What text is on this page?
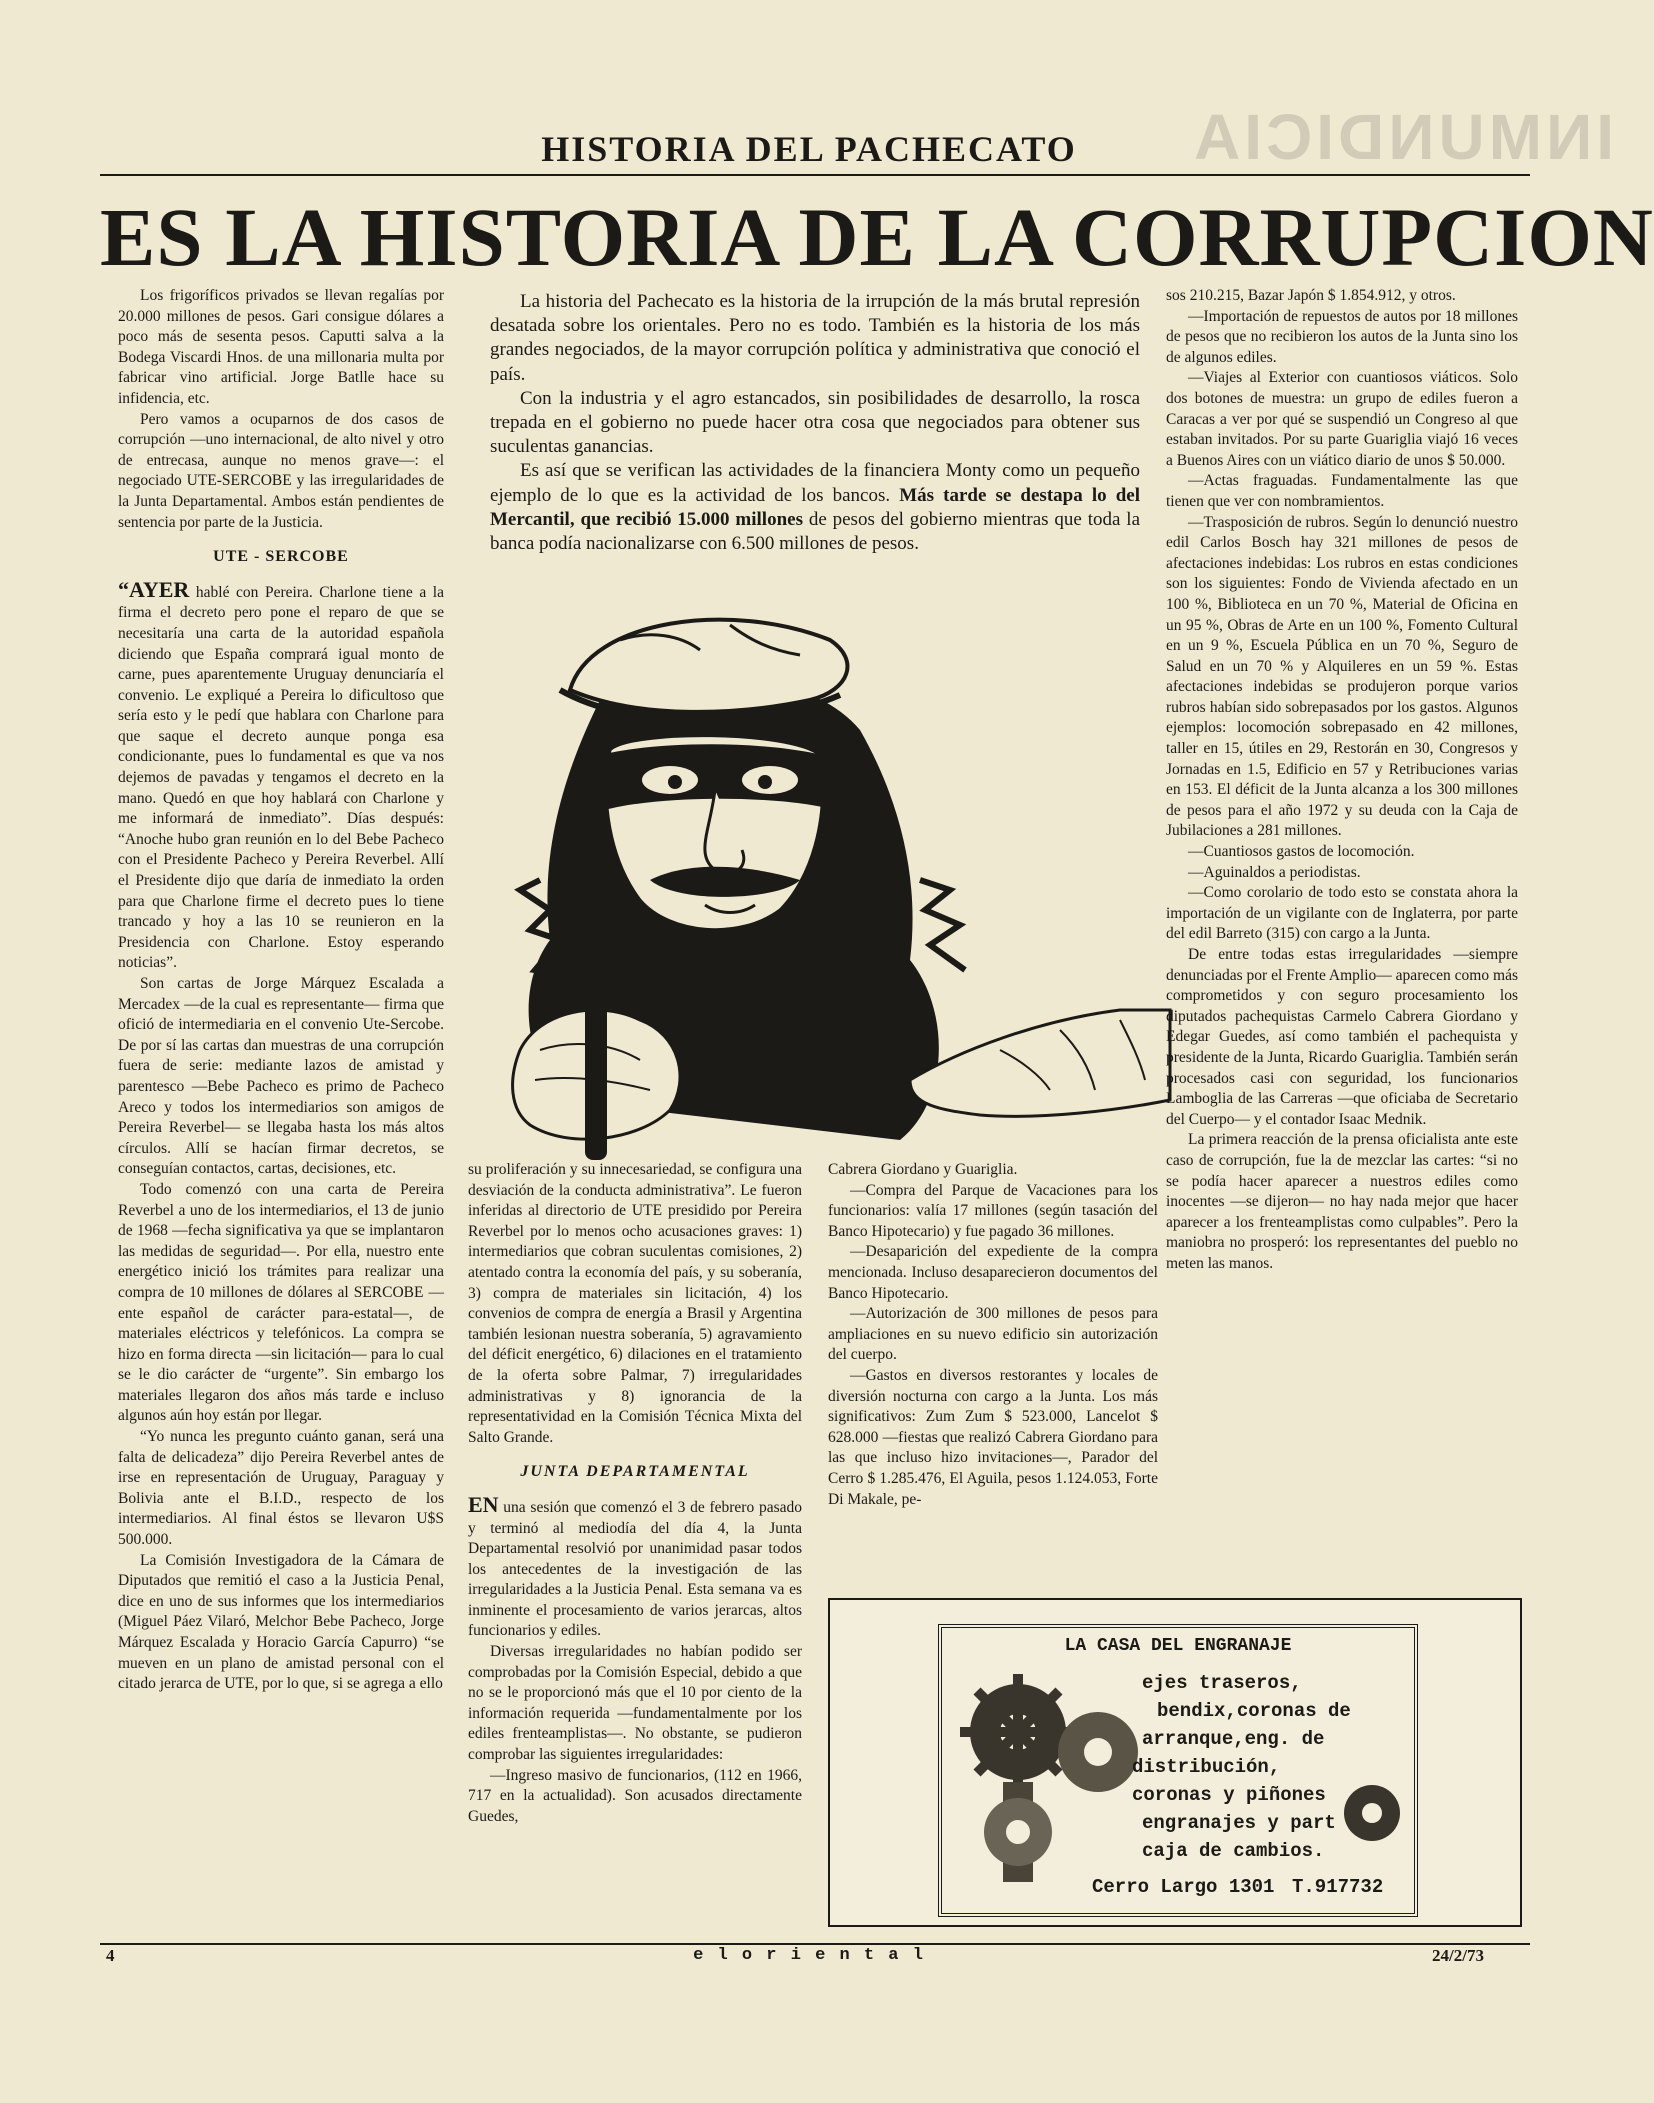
INMUNDICIA
HISTORIA DEL PACHECATO
ES LA HISTORIA DE LA CORRUPCION

La historia del Pachecato es la historia de la irrupción de la más brutal represión desatada sobre los orientales. Pero no es todo. También es la historia de los más grandes negociados, de la mayor corrupción política y administrativa que conoció el país.

Con la industria y el agro estancados, sin posibilidades de desarrollo, la rosca trepada en el gobierno no puede hacer otra cosa que negociados para obtener sus suculentas ganancias.

Es así que se verifican las actividades de la financiera Monty como un pequeño ejemplo de lo que es la actividad de los bancos. Más tarde se destapa lo del Mercantil, que recibió 15.000 millones de pesos del gobierno mientras que toda la banca podía nacionalizarse con 6.500 millones de pesos.

Los frigoríficos privados se llevan regalías por 20.000 millones de pesos. Gari consigue dólares a poco más de sesenta pesos. Caputti salva a la Bodega Viscardi Hnos. de una millonaria multa por fabricar vino artificial. Jorge Batlle hace su infidencia, etc.

Pero vamos a ocuparnos de dos casos de corrupción —uno internacional, de alto nivel y otro de entrecasa, aunque no menos grave—: el negociado UTE-SERCOBE y las irregularidades de la Junta Departamental. Ambos están pendientes de sentencia por parte de la Justicia.

UTE - SERCOBE

“AYER hablé con Pereira. Charlone tiene a la firma el decreto pero pone el reparo de que se necesitaría una carta de la autoridad española diciendo que España comprará igual monto de carne, pues aparentemente Uruguay denunciaría el convenio. Le expliqué a Pereira lo dificultoso que sería esto y le pedí que hablara con Charlone para que saque el decreto aunque ponga esa condicionante, pues lo fundamental es que va nos dejemos de pavadas y tengamos el decreto en la mano. Quedó en que hoy hablará con Charlone y me informará de inmediato”. Días después: “Anoche hubo gran reunión en lo del Bebe Pacheco con el Presidente Pacheco y Pereira Reverbel. Allí el Presidente dijo que daría de inmediato la orden para que Charlone firme el decreto pues lo tiene trancado y hoy a las 10 se reunieron en la Presidencia con Charlone. Estoy esperando noticias”.

Son cartas de Jorge Márquez Escalada a Mercadex —de la cual es representante— firma que ofició de intermediaria en el convenio Ute-Sercobe. De por sí las cartas dan muestras de una corrupción fuera de serie: mediante lazos de amistad y parentesco —Bebe Pacheco es primo de Pacheco Areco y todos los intermediarios son amigos de Pereira Reverbel— se llegaba hasta los más altos círculos. Allí se hacían firmar decretos, se conseguían contactos, cartas, decisiones, etc.

Todo comenzó con una carta de Pereira Reverbel a uno de los intermediarios, el 13 de junio de 1968 —fecha significativa ya que se implantaron las medidas de seguridad—. Por ella, nuestro ente energético inició los trámites para realizar una compra de 10 millones de dólares al SERCOBE —ente español de carácter para-estatal—, de materiales eléctricos y telefónicos. La compra se hizo en forma directa —sin licitación— para lo cual se le dio carácter de “urgente”. Sin embargo los materiales llegaron dos años más tarde e incluso algunos aún hoy están por llegar.

“Yo nunca les pregunto cuánto ganan, será una falta de delicadeza” dijo Pereira Reverbel antes de irse en representación de Uruguay, Paraguay y Bolivia ante el B.I.D., respecto de los intermediarios. Al final éstos se llevaron U$S 500.000.

La Comisión Investigadora de la Cámara de Diputados que remitió el caso a la Justicia Penal, dice en uno de sus informes que los intermediarios (Miguel Páez Vilaró, Melchor Bebe Pacheco, Jorge Márquez Escalada y Horacio García Capurro) “se mueven en un plano de amistad personal con el citado jerarca de UTE, por lo que, si se agrega a ello

su proliferación y su innecesariedad, se configura una desviación de la conducta administrativa”. Le fueron inferidas al directorio de UTE presidido por Pereira Reverbel por lo menos ocho acusaciones graves: 1) intermediarios que cobran suculentas comisiones, 2) atentado contra la economía del país, y su soberanía, 3) compra de materiales sin licitación, 4) los convenios de compra de energía a Brasil y Argentina también lesionan nuestra soberanía, 5) agravamiento del déficit energético, 6) dilaciones en el tratamiento de la oferta sobre Palmar, 7) irregularidades administrativas y 8) ignorancia de la representatividad en la Comisión Técnica Mixta del Salto Grande.

JUNTA DEPARTAMENTAL

EN una sesión que comenzó el 3 de febrero pasado y terminó al mediodía del día 4, la Junta Departamental resolvió por unanimidad pasar todos los antecedentes de la investigación de las irregularidades a la Justicia Penal. Esta semana va es inminente el procesamiento de varios jerarcas, altos funcionarios y ediles.

Diversas irregularidades no habían podido ser comprobadas por la Comisión Especial, debido a que no se le proporcionó más que el 10 por ciento de la información requerida —fundamentalmente por los ediles frenteamplistas—. No obstante, se pudieron comprobar las siguientes irregularidades:

—Ingreso masivo de funcionarios, (112 en 1966, 717 en la actualidad). Son acusados directamente Guedes,

Cabrera Giordano y Guariglia.

—Compra del Parque de Vacaciones para los funcionarios: valía 17 millones (según tasación del Banco Hipotecario) y fue pagado 36 millones.

—Desaparición del expediente de la compra mencionada. Incluso desaparecieron documentos del Banco Hipotecario.

—Autorización de 300 millones de pesos para ampliaciones en su nuevo edificio sin autorización del cuerpo.

—Gastos en diversos restorantes y locales de diversión nocturna con cargo a la Junta. Los más significativos: Zum Zum $ 523.000, Lancelot $ 628.000 —fiestas que realizó Cabrera Giordano para las que incluso hizo invitaciones—, Parador del Cerro $ 1.285.476, El Aguila, pesos 1.124.053, Forte Di Makale, pe-

sos 210.215, Bazar Japón $ 1.854.912, y otros.

—Importación de repuestos de autos por 18 millones de pesos que no recibieron los autos de la Junta sino los de algunos ediles.

—Viajes al Exterior con cuantiosos viáticos. Solo dos botones de muestra: un grupo de ediles fueron a Caracas a ver por qué se suspendió un Congreso al que estaban invitados. Por su parte Guariglia viajó 16 veces a Buenos Aires con un viático diario de unos $ 50.000.

—Actas fraguadas. Fundamentalmente las que tienen que ver con nombramientos.

—Trasposición de rubros. Según lo denunció nuestro edil Carlos Bosch hay 321 millones de pesos de afectaciones indebidas: Los rubros en estas condiciones son los siguientes: Fondo de Vivienda afectado en un 100 %, Biblioteca en un 70 %, Material de Oficina en un 95 %, Obras de Arte en un 100 %, Fomento Cultural en un 9 %, Escuela Pública en un 70 %, Seguro de Salud en un 70 % y Alquileres en un 59 %. Estas afectaciones indebidas se produjeron porque varios rubros habían sido sobrepasados por los gastos. Algunos ejemplos: locomoción sobrepasado en 42 millones, taller en 15, útiles en 29, Restorán en 30, Congresos y Jornadas en 1.5, Edificio en 57 y Retribuciones varias en 153. El déficit de la Junta alcanza a los 300 millones de pesos para el año 1972 y su deuda con la Caja de Jubilaciones a 281 millones.

—Cuantiosos gastos de locomoción.

—Aguinaldos a periodistas.

—Como corolario de todo esto se constata ahora la importación de un vigilante con de Inglaterra, por parte del edil Barreto (315) con cargo a la Junta.

De entre todas estas irregularidades —siempre denunciadas por el Frente Amplio— aparecen como más comprometidos y con seguro procesamiento los diputados pachequistas Carmelo Cabrera Giordano y Edegar Guedes, así como también el pachequista y presidente de la Junta, Ricardo Guariglia. También serán procesados casi con seguridad, los funcionarios Lamboglia de las Carreras —que oficiaba de Secretario del Cuerpo— y el contador Isaac Mednik.

La primera reacción de la prensa oficialista ante este caso de corrupción, fue la de mezclar las cartes: “si no se podía hacer aparecer a nuestros ediles como inocentes —se dijeron— no hay nada mejor que hacer aparecer a los frenteamplistas como culpables”. Pero la maniobra no prosperó: los representantes del pueblo no meten las manos.

LA CASA DEL ENGRANAJE
ejes traseros,
bendix,coronas de
arranque,eng. de
distribución,
coronas y piñones
engranajes y part
caja de cambios.
Cerro Largo 1301 T.917732
4	e l o r i e n t a l	24/2/73
